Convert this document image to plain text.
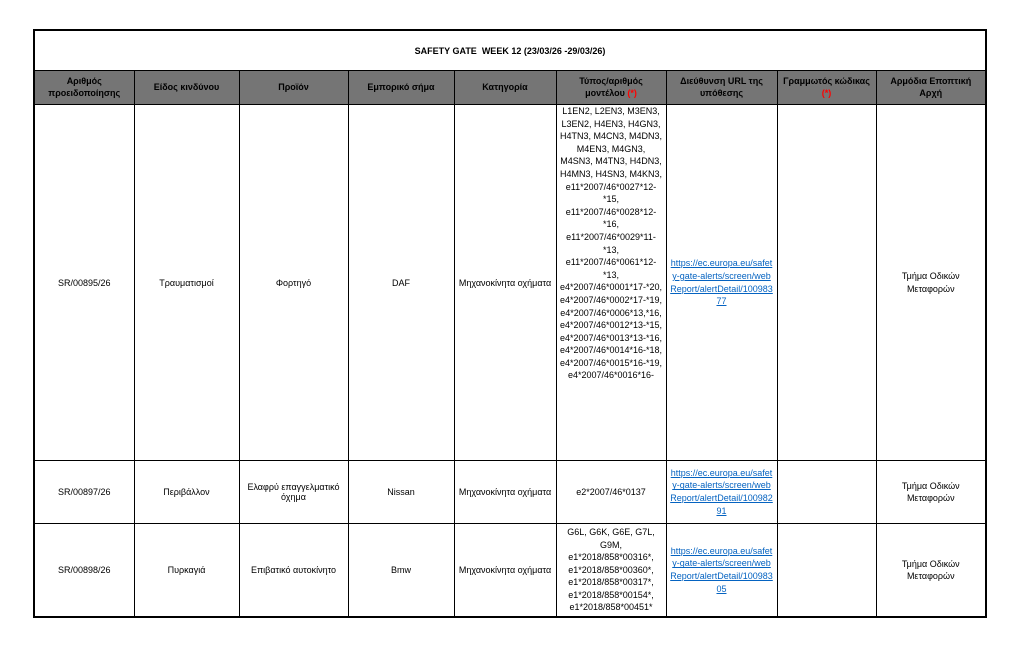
SAFETY GATE  WEEK 12 (23/03/26 -29/03/26)								
Αριθμός προειδοποίησης	Είδος κινδύνου	Προϊόν	Εμπορικό σήμα	Κατηγορία	Τύπος/αριθμός μοντέλου (*)	Διεύθυνση URL της υπόθεσης	Γραμμωτός κώδικας (*)	Αρμόδια Εποπτική Αρχή
SR/00895/26	Τραυματισμοί	Φορτηγό	DAF	Μηχανοκίνητα οχήματα	L1EN2, L2EN3, M3EN3, L3EN2, H4EN3, H4GN3, H4TN3, M4CN3, M4DN3, M4EN3, M4GN3, M4SN3, M4TN3, H4DN3, H4MN3, H4SN3, M4KN3, e11*2007/46*0027*12-*15, e11*2007/46*0028*12-*16, e11*2007/46*0029*11-*13, e11*2007/46*0061*12-*13, e4*2007/46*0001*17-*20, e4*2007/46*0002*17-*19, e4*2007/46*0006*13,*16, e4*2007/46*0012*13-*15, e4*2007/46*0013*13-*16, e4*2007/46*0014*16-*18, e4*2007/46*0015*16-*19, e4*2007/46*0016*16-	https://ec.europa.eu/safety-gate-alerts/screen/webReport/alertDetail/10098377		Τμήμα Οδικών Μεταφορών

SR/00897/26	Περιβάλλον	Ελαφρύ επαγγελματικό όχημα	Nissan	Μηχανοκίνητα οχήματα	e2*2007/46*0137	https://ec.europa.eu/safety-gate-alerts/screen/webReport/alertDetail/10098291		Τμήμα Οδικών Μεταφορών

SR/00898/26	Πυρκαγιά	Επιβατικό αυτοκίνητο	Bmw	Μηχανοκίνητα οχήματα	G6L, G6K, G6E, G7L, G9M, e1*2018/858*00316*, e1*2018/858*00360*, e1*2018/858*00317*, e1*2018/858*00154*, e1*2018/858*00451*	https://ec.europa.eu/safety-gate-alerts/screen/webReport/alertDetail/10098305		Τμήμα Οδικών Μεταφορών
